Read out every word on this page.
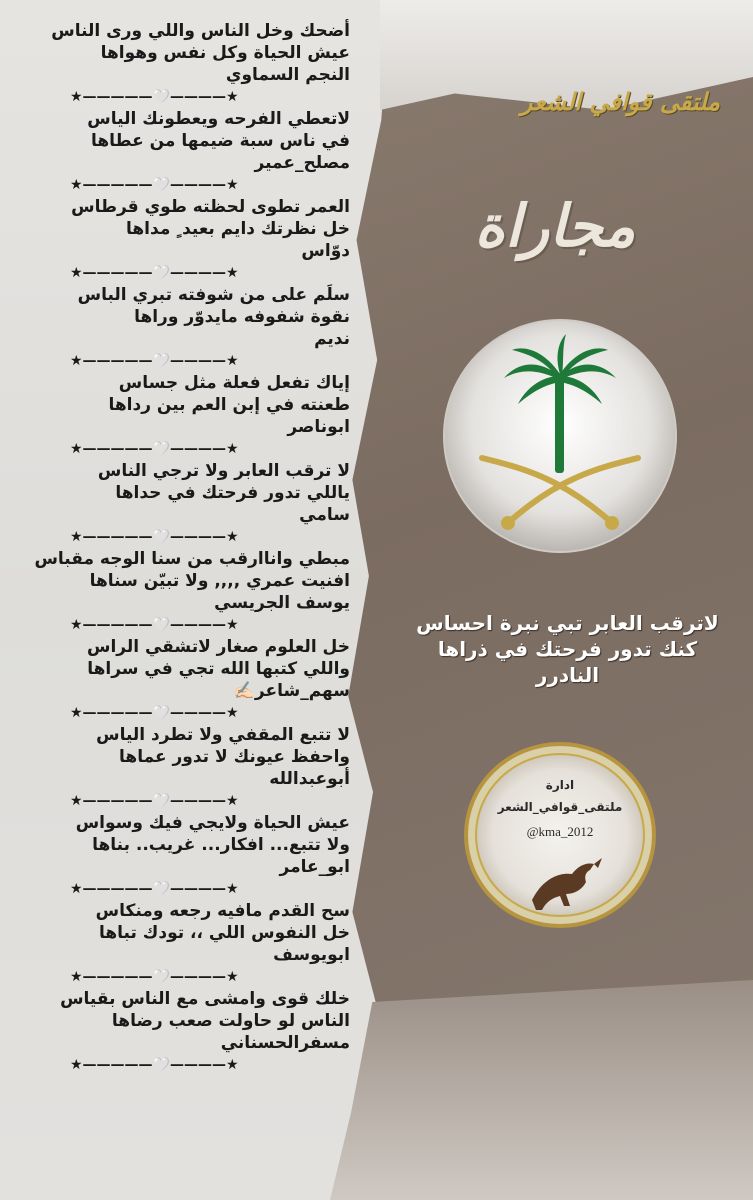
أضحك وخل الناس واللي ورى الناس
عيش الحياة وكل نفس وهواها
النجم السماوي
★—————🤍————★
لاتعطي الفرحه ويعطونك الياس
في ناس سبة ضيمها من عطاها
مصلح_عمير
★—————🤍————★
العمر تطوى لحظته طوي قرطاس
خل نظرتك دايم بعيد ٍ مداها
دوّاس
★—————🤍————★
سلَم على من شوفته تبري الباس
نقوة شفوفه مايدوّر وراها
نديم
★—————🤍————★
إياك تفعل فعلة مثل جساس
طعنته في إبن العم بين رداها
ابوناصر
★—————🤍————★
لا ترقب العابر ولا ترجي الناس
ياللي تدور فرحتك في حداها
سامي
★—————🤍————★
مبطي واناارقب من سنا الوجه مقباس
افنيت عمري ,,,, ولا تبيّن سناها
يوسف الجريسي
★—————🤍————★
خل العلوم صغار لاتشقي الراس
واللي كتبها الله تجي في سراها
سهم_شاعر✍🏻
★—————🤍————★
لا تتبع المقفي ولا تطرد الياس
واحفظ عيونك لا تدور عماها
أبوعبدالله
★—————🤍————★
عيش الحياة ولايجي فيك وسواس
ولا تتبع... افكار... غريب.. بناها
ابو_عامر
★—————🤍————★
سح القدم مافيه رجعه ومنكاس
خل النفوس اللي ،، تودك تباها
ابويوسف
★—————🤍————★
خلك قوى وامشى مع الناس بقياس
الناس لو حاولت صعب رضاها
مسفرالحسناني
★—————🤍————★
ملتقى قوافي الشعر
مجاراة
لاترقب العابر تبي نبرة احساس
كنك تدور فرحتك في ذراها
النادرر
ادارة
ملتقى_قوافي_الشعر
@kma_2012
